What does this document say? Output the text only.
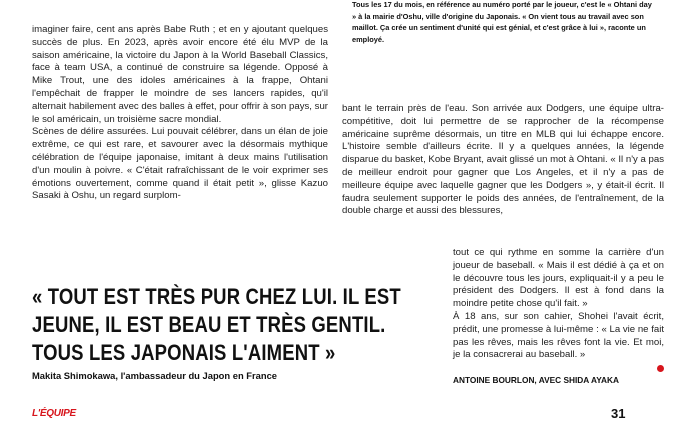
Tous les 17 du mois, en référence au numéro porté par le joueur, c'est le « Ohtani day » à la mairie d'Oshu, ville d'origine du Japonais. « On vient tous au travail avec son maillot. Ça crée un sentiment d'unité qui est génial, et c'est grâce à lui », raconte un employé.

imaginer faire, cent ans après Babe Ruth ; et en y ajoutant quelques succès de plus. En 2023, après avoir encore été élu MVP de la saison américaine, la victoire du Japon à la World Baseball Classics, face à team USA, a continué de construire sa légende. Opposé à Mike Trout, une des idoles américaines à la frappe, Ohtani l'empêchait de frapper le moindre de ses lancers rapides, qu'il alternait habilement avec des balles à effet, pour offrir à son pays, sur le sol américain, un troisième sacre mondial.
Scènes de délire assurées. Lui pouvait célébrer, dans un élan de joie extrême, ce qui est rare, et savourer avec la désormais mythique célébration de l'équipe japonaise, imitant à deux mains l'utilisation d'un moulin à poivre. « C'était rafraîchissant de le voir exprimer ses émotions ouvertement, comme quand il était petit », glisse Kazuo Sasaki à Oshu, un regard surplom-

bant le terrain près de l'eau. Son arrivée aux Dodgers, une équipe ultra-compétitive, doit lui permettre de se rapprocher de la récompense américaine suprême désormais, un titre en MLB qui lui échappe encore. L'histoire semble d'ailleurs écrite. Il y a quelques années, la légende disparue du basket, Kobe Bryant, avait glissé un mot à Ohtani. « Il n'y a pas de meilleur endroit pour gagner que Los Angeles, et il n'y a pas de meilleure équipe avec laquelle gagner que les Dodgers », y était-il écrit. Il faudra seulement supporter le poids des années, de l'entraînement, de la double charge et aussi des blessures,

tout ce qui rythme en somme la carrière d'un joueur de baseball. « Mais il est dédié à ça et on le découvre tous les jours, expliquait-il y a peu le président des Dodgers. Il est à fond dans la moindre petite chose qu'il fait. »
À 18 ans, sur son cahier, Shohei l'avait écrit, prédit, une promesse à lui-même : « La vie ne fait pas les rêves, mais les rêves font la vie. Et moi, je la consacrerai au baseball. »

« TOUT EST TRÈS PUR CHEZ LUI. IL EST
JEUNE, IL EST BEAU ET TRÈS GENTIL.
TOUS LES JAPONAIS L'AIMENT »

Makita Shimokawa, l'ambassadeur du Japon en France	ANTOINE BOURLON, AVEC SHIDA AYAKA

L'ÉQUIPE	31
